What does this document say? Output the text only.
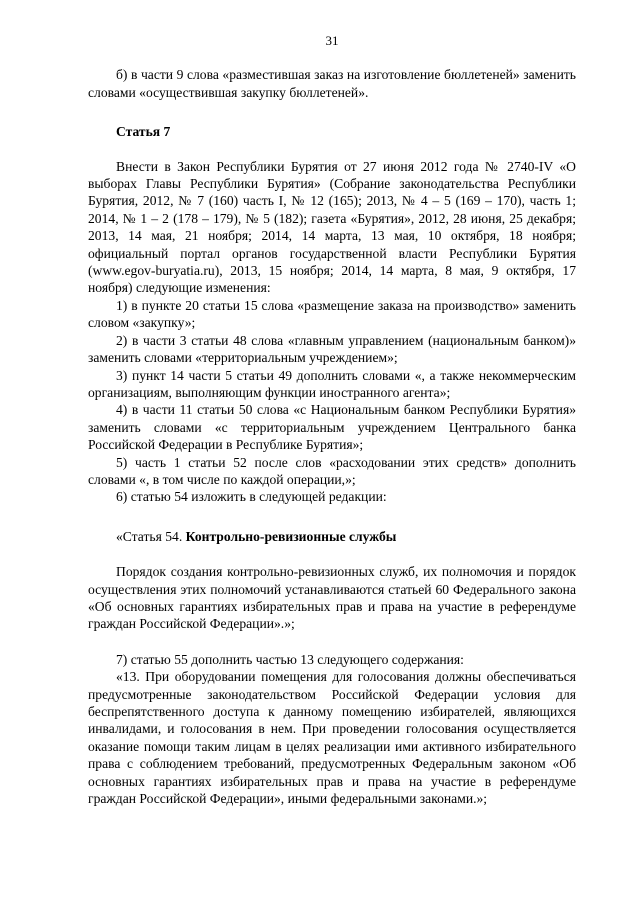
31

б) в части 9 слова «разместившая заказ на изготовление бюллетеней» заменить словами «осуществившая закупку бюллетеней».

Статья 7

Внести в Закон Республики Бурятия от 27 июня 2012 года № 2740-IV «О выборах Главы Республики Бурятия» (Собрание законодательства Республики Бурятия, 2012, № 7 (160) часть I, № 12 (165); 2013, № 4 – 5 (169 – 170), часть 1; 2014, № 1 – 2 (178 – 179), № 5 (182); газета «Бурятия», 2012, 28 июня, 25 декабря; 2013, 14 мая, 21 ноября; 2014, 14 марта, 13 мая, 10 октября, 18 ноября; официальный портал органов государственной власти Республики Бурятия (www.egov-buryatia.ru), 2013, 15 ноября; 2014, 14 марта, 8 мая, 9 октября, 17 ноября) следующие изменения:

1) в пункте 20 статьи 15 слова «размещение заказа на производство» заменить словом «закупку»;

2) в части 3 статьи 48 слова «главным управлением (национальным банком)» заменить словами «территориальным учреждением»;

3) пункт 14 части 5 статьи 49 дополнить словами «, а также некоммерческим организациям, выполняющим функции иностранного агента»;

4) в части 11 статьи 50 слова «с Национальным банком Республики Бурятия» заменить словами «с территориальным учреждением Центрального банка Российской Федерации в Республике Бурятия»;

5) часть 1 статьи 52 после слов «расходовании этих средств» дополнить словами «, в том числе по каждой операции,»;

6) статью 54 изложить в следующей редакции:

«Статья 54. Контрольно-ревизионные службы

Порядок создания контрольно-ревизионных служб, их полномочия и порядок осуществления этих полномочий устанавливаются статьей 60 Федерального закона «Об основных гарантиях избирательных прав и права на участие в референдуме граждан Российской Федерации».»;

7) статью 55 дополнить частью 13 следующего содержания:

«13. При оборудовании помещения для голосования должны обеспечиваться предусмотренные законодательством Российской Федерации условия для беспрепятственного доступа к данному помещению избирателей, являющихся инвалидами, и голосования в нем. При проведении голосования осуществляется оказание помощи таким лицам в целях реализации ими активного избирательного права с соблюдением требований, предусмотренных Федеральным законом «Об основных гарантиях избирательных прав и права на участие в референдуме граждан Российской Федерации», иными федеральными законами.»;
